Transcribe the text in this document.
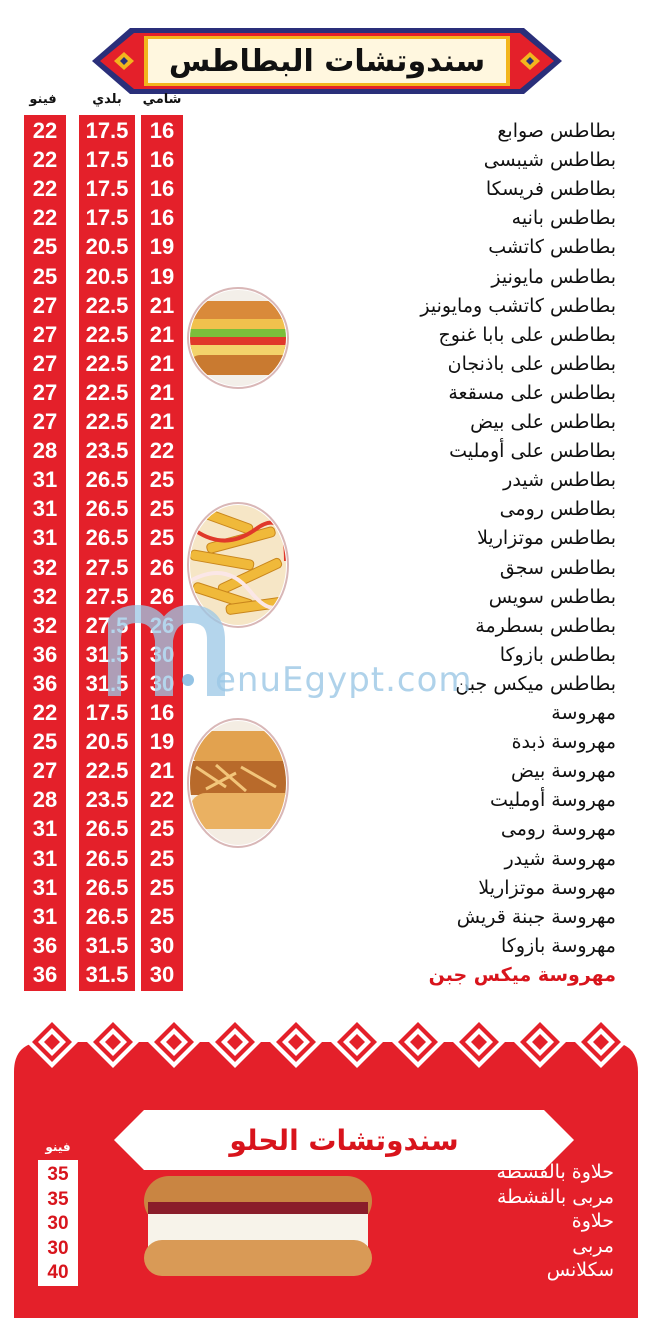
سندوتشات البطاطس
فينو	بلدي	شامي
22
22
22
22
25
25
27
27
27
27
27
28
31
31
31
32
32
32
36
36
22
25
27
28
31
31
31
31
36
36
17.5
17.5
17.5
17.5
20.5
20.5
22.5
22.5
22.5
22.5
22.5
23.5
26.5
26.5
26.5
27.5
27.5
27.5
31.5
31.5
17.5
20.5
22.5
23.5
26.5
26.5
26.5
26.5
31.5
31.5
16
16
16
16
19
19
21
21
21
21
21
22
25
25
25
26
26
26
30
30
16
19
21
22
25
25
25
25
30
30
بطاطس صوابع
بطاطس شيبسى
بطاطس فريسكا
بطاطس بانيه
بطاطس كاتشب
بطاطس مايونيز
بطاطس كاتشب ومايونيز
بطاطس على بابا غنوج
بطاطس على باذنجان
بطاطس على مسقعة
بطاطس على بيض
بطاطس على أومليت
بطاطس شيدر
بطاطس رومى
بطاطس موتزاريلا
بطاطس سجق
بطاطس سويس
بطاطس بسطرمة
بطاطس بازوكا
بطاطس ميكس جبن
مهروسة
مهروسة ذبدة
مهروسة بيض
مهروسة أومليت
مهروسة رومى
مهروسة شيدر
مهروسة موتزاريلا
مهروسة جبنة قريش
مهروسة بازوكا
مهروسة ميكس جبن
enuEgypt.com
سندوتشات الحلو
فينو
35
35
30
30
40
حلاوة بالقشطة
مربى بالقشطة
حلاوة
مربى
سكلانس
